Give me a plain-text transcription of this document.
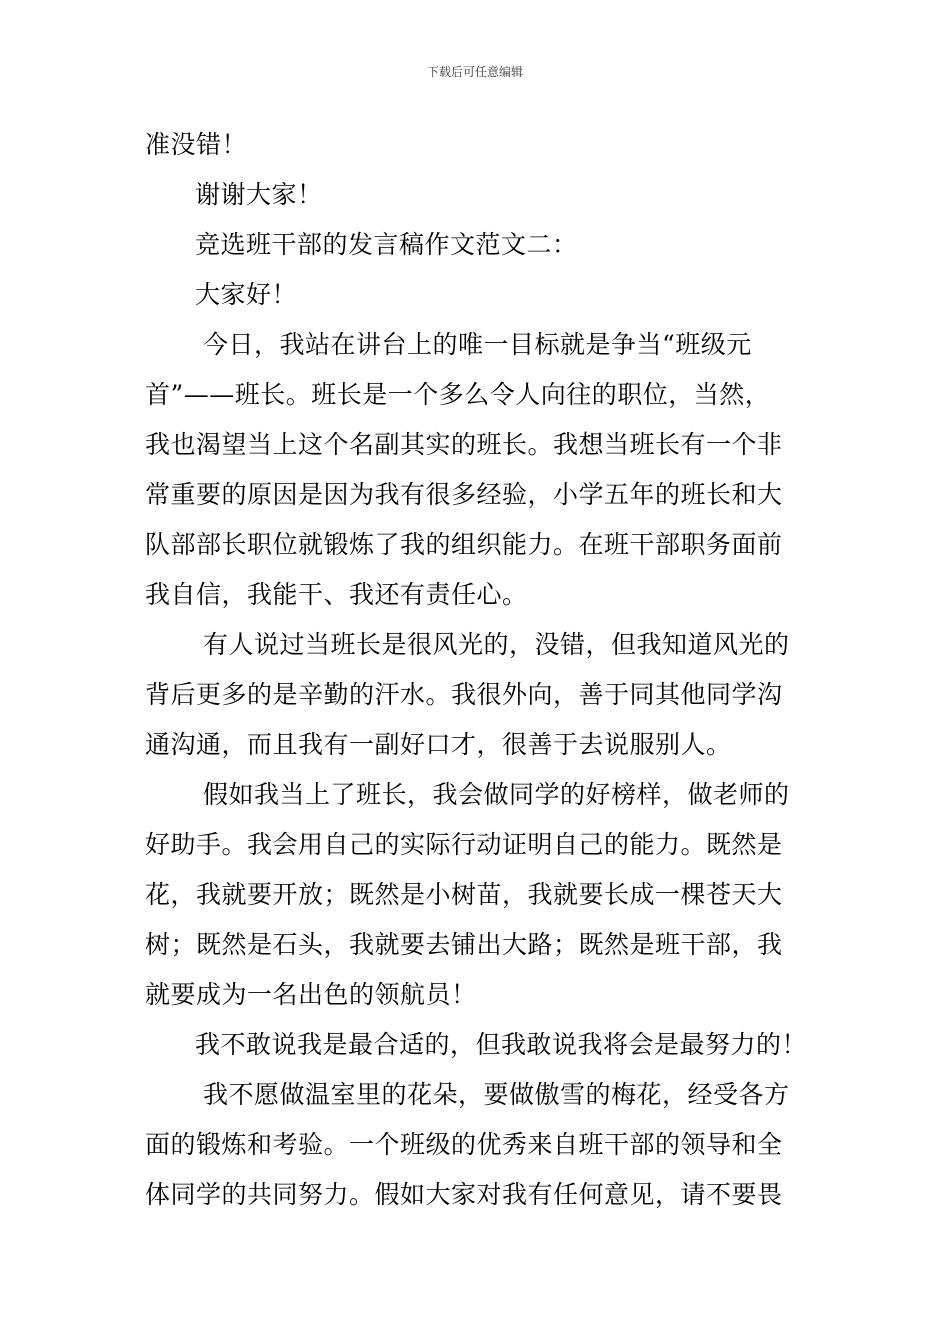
下载后可任意编辑
准没错！
谢谢大家！
竞选班干部的发言稿作文范文二：
大家好！
今日，我站在讲台上的唯一目标就是争当“班级元
首”——班长。班长是一个多么令人向往的职位，当然，
我也渴望当上这个名副其实的班长。我想当班长有一个非
常重要的原因是因为我有很多经验，小学五年的班长和大
队部部长职位就锻炼了我的组织能力。在班干部职务面前
我自信，我能干、我还有责任心。
有人说过当班长是很风光的，没错，但我知道风光的
背后更多的是辛勤的汗水。我很外向，善于同其他同学沟
通沟通，而且我有一副好口才，很善于去说服别人。
假如我当上了班长，我会做同学的好榜样，做老师的
好助手。我会用自己的实际行动证明自己的能力。既然是
花，我就要开放；既然是小树苗，我就要长成一棵苍天大
树；既然是石头，我就要去铺出大路；既然是班干部，我
就要成为一名出色的领航员！
我不敢说我是最合适的，但我敢说我将会是最努力的！
我不愿做温室里的花朵，要做傲雪的梅花，经受各方
面的锻炼和考验。一个班级的优秀来自班干部的领导和全
体同学的共同努力。假如大家对我有任何意见，请不要畏
